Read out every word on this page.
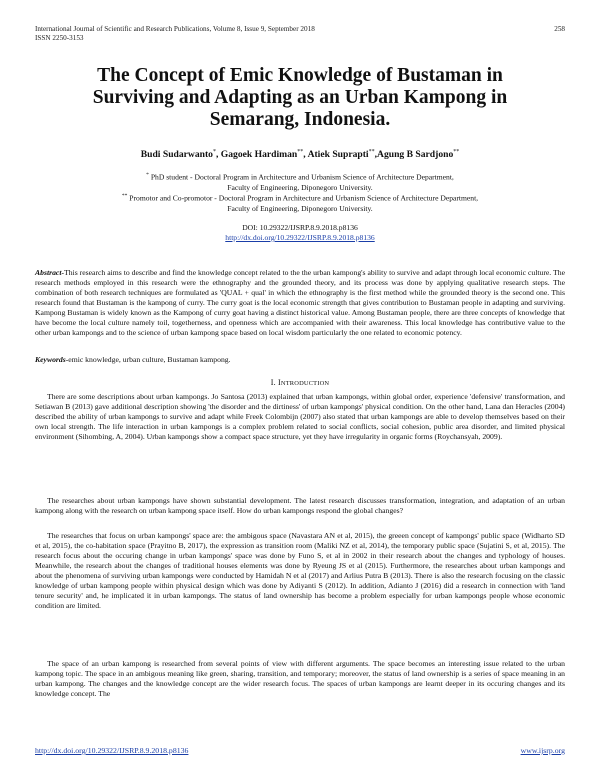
International Journal of Scientific and Research Publications, Volume 8, Issue 9, September 2018
ISSN 2250-3153
258
The Concept of Emic Knowledge of Bustaman in Surviving and Adapting as an Urban Kampong in Semarang, Indonesia.
Budi Sudarwanto*, Gagoek Hardiman**, Atiek Suprapti**,Agung B Sardjono**
* PhD student - Doctoral Program in Architecture and Urbanism Science of Architecture Department,
Faculty of Engineering, Diponegoro University.
** Promotor and Co-promotor - Doctoral Program in Architecture and Urbanism Science of Architecture Department,
Faculty of Engineering, Diponegoro University.
DOI: 10.29322/IJSRP.8.9.2018.p8136
http://dx.doi.org/10.29322/IJSRP.8.9.2018.p8136
Abstract-This research aims to describe and find the knowledge concept related to the the urban kampong's ability to survive and adapt through local economic culture. The research methods employed in this research were the ethnography and the grounded theory, and its process was done by applying qualitative research steps. The combination of both research techniques are formulated as 'QUAL + qual' in which the ethnography is the first method while the grounded theory is the second one. This research found that Bustaman is the kampong of curry. The curry goat is the local economic strength that gives contribution to Bustaman people in adapting and surviving. Kampong Bustaman is widely known as the Kampong of curry goat having a distinct historical value. Among Bustaman people, there are three concepts of knowledge that have become the local culture namely toil, togetherness, and openness which are accompanied with their awareness. This local knowledge has contributive value to the other urban kampongs and to the science of urban kampong space based on local wisdom particularly the one related to economic potency.
Keywords-emic knowledge, urban culture, Bustaman kampong.
I. INTRODUCTION
There are some descriptions about urban kampongs. Jo Santosa (2013) explained that urban kampongs, within global order, experience 'defensive' transformation, and Setiawan B (2013) gave additional description showing 'the disorder and the dirtiness' of urban kampongs' physical condition. On the other hand, Lana dan Heracles (2004) described the ability of urban kampongs to survive and adapt while Freek Colombijn (2007) also stated that urban kampongs are able to develop themselves based on their own local strength. The life interaction in urban kampongs is a complex problem related to social conflicts, social cohesion, public area disorder, and limited physical environment (Sihombing, A, 2004). Urban kampongs show a compact space structure, yet they have irregularity in organic forms (Roychansyah, 2009).
The researches about urban kampongs have shown substantial development. The latest research discusses transformation, integration, and adaptation of an urban kampong along with the research on urban kampong space itself. How do urban kampongs respond the global changes?
The researches that focus on urban kampongs' space are: the ambigous space (Navastara AN et al, 2015), the greeen concept of kampongs' public space (Widharto SD et al, 2015), the co-habitation space (Prayitno B, 2017), the expression as transition room (Maliki NZ et al, 2014), the temporary public space (Sujatini S, et al, 2015). The research focus about the occuring change in urban kampongs' space was done by Funo S, et al in 2002 in their research about the changes and typhology of houses. Meanwhile, the research about the changes of traditional houses elements was done by Ryeung JS et al (2015). Furthermore, the researches about urban kampongs and about the phenomena of surviving urban kampongs were conducted by Hamidah N et al (2017) and Arlius Putra B (2013). There is also the research focusing on the classic knowledge of urban kampong people within physical design which was done by Adiyanti S (2012). In addition, Adianto J (2016) did a research in connection with 'land tenure security' and, he implicated it in urban kampongs. The status of land ownership has become a problem especially for urban kampongs people whose economic condition are limited.
The space of an urban kampong is researched from several points of view with different arguments. The space becomes an interesting issue related to the urban kampong topic. The space in an ambigous meaning like green, sharing, transition, and temporary; moreover, the status of land ownership is a series of space meaning in an urban kampong. The changes and the knowledge concept are the wider research focus. The spaces of urban kampongs are learnt deeper in its occuring changes and its knowledge concept. The
http://dx.doi.org/10.29322/IJSRP.8.9.2018.p8136	www.ijsrp.org
